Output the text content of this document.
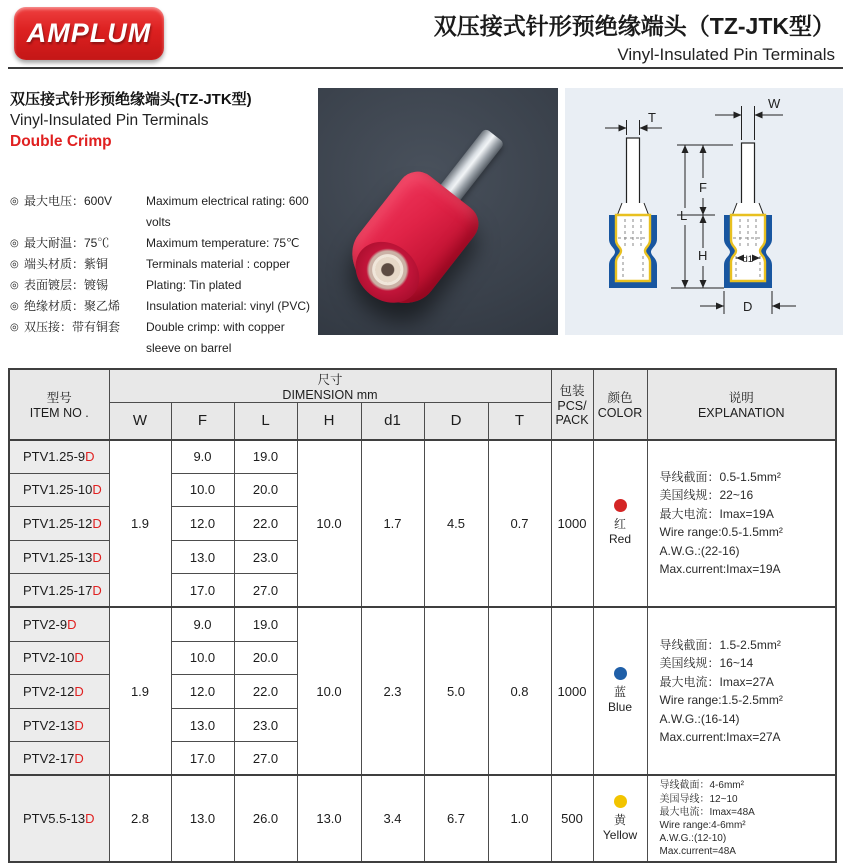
AMPLUM	双压接式针形预绝缘端头（TZ-JTK型）
Vinyl-Insulated Pin Terminals
双压接式针形预绝缘端头(TZ-JTK型)
Vinyl-Insulated Pin Terminals
Double Crimp
◎ 最大电压：600V	Maximum electrical rating: 600 volts
◎ 最大耐温：75℃	Maximum temperature: 75℃
◎ 端头材质：紫铜	Terminals material : copper
◎ 表面镀层：镀锡	Plating: Tin plated
◎ 绝缘材质：聚乙烯	Insulation material: vinyl (PVC)
◎ 双压接：带有铜套	Double crimp: with copper sleeve on barrel
T
W
F
L
H	d1
D
型号
ITEM NO .

尺寸
DIMENSION mm	包装
PCS/
PACK

颜色
COLOR

说明
EXPLANATION

	W	F	L	H	d1	D	T			
PTV1.25-9D	1.9	9.0	19.0	10.0	1.7	4.5	0.7	1000	红
Red

导线截面：0.5-1.5mm²
美国线规：22~16
最大电流：Imax=19A
Wire range:0.5-1.5mm²
A.W.G.:(22-16)
Max.current:Imax=19A

PTV1.25-10D		10.0	20.0							
PTV1.25-12D		12.0	22.0							
PTV1.25-13D		13.0	23.0							
PTV1.25-17D		17.0	27.0							
PTV2-9D	1.9	9.0	19.0	10.0	2.3	5.0	0.8	1000	蓝
Blue

导线截面：1.5-2.5mm²
美国线规：16~14
最大电流：Imax=27A
Wire range:1.5-2.5mm²
A.W.G.:(16-14)
Max.current:Imax=27A

PTV2-10D		10.0	20.0							
PTV2-12D		12.0	22.0							
PTV2-13D		13.0	23.0							
PTV2-17D		17.0	27.0							
PTV5.5-13D	2.8	13.0	26.0	13.0	3.4	6.7	1.0	500	黄
Yellow

导线截面：4-6mm²
美国导线：12~10
最大电流：Imax=48A
Wire range:4-6mm²
A.W.G.:(12-10)
Max.current=48A
